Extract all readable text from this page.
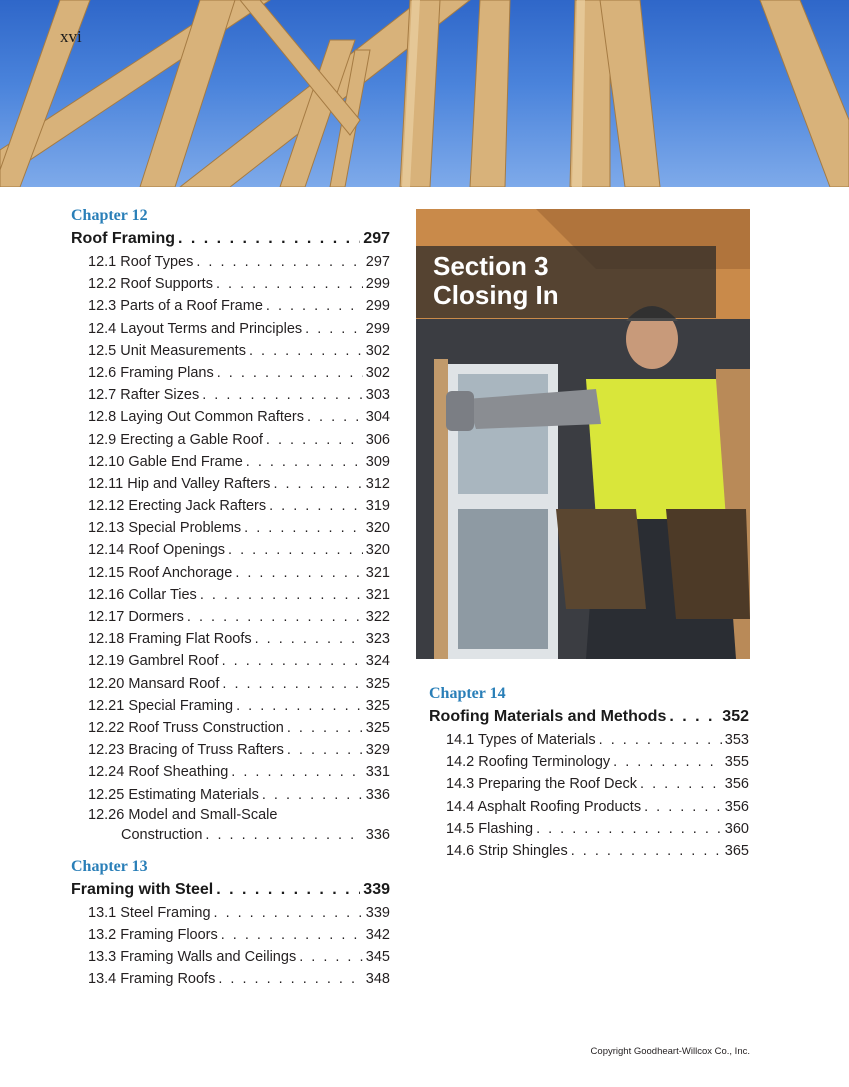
xvi
Chapter 12
Roof Framing . . .	297
12.1 Roof Types . . .	297
12.2 Roof Supports . . .	299
12.3 Parts of a Roof Frame . . .	299
12.4 Layout Terms and Principles . . .	299
12.5 Unit Measurements . . .	302
12.6 Framing Plans . . .	302
12.7 Rafter Sizes . . .	303
12.8 Laying Out Common Rafters . . .	304
12.9 Erecting a Gable Roof . . .	306
12.10 Gable End Frame . . .	309
12.11 Hip and Valley Rafters . . .	312
12.12 Erecting Jack Rafters . . .	319
12.13 Special Problems . . .	320
12.14 Roof Openings . . .	320
12.15 Roof Anchorage . . .	321
12.16 Collar Ties . . .	321
12.17 Dormers . . .	322
12.18 Framing Flat Roofs . . .	323
12.19 Gambrel Roof . . .	324
12.20 Mansard Roof . . .	325
12.21 Special Framing . . .	325
12.22 Roof Truss Construction . . .	325
12.23 Bracing of Truss Rafters . . .	329
12.24 Roof Sheathing . . .	331
12.25 Estimating Materials . . .	336
12.26 Model and Small-Scale
Construction . . .	336
Chapter 13
Framing with Steel . . .	339
13.1 Steel Framing . . .	339
13.2 Framing Floors . . .	342
13.3 Framing Walls and Ceilings . . .	345
13.4 Framing Roofs . . .	348
Section 3
Closing In
Chapter 14
Roofing Materials and Methods . . .	352
14.1 Types of Materials . . .	353
14.2 Roofing Terminology . . .	355
14.3 Preparing the Roof Deck . . .	356
14.4 Asphalt Roofing Products . . .	356
14.5 Flashing . . .	360
14.6 Strip Shingles . . .	365
Copyright Goodheart-Willcox Co., Inc.
